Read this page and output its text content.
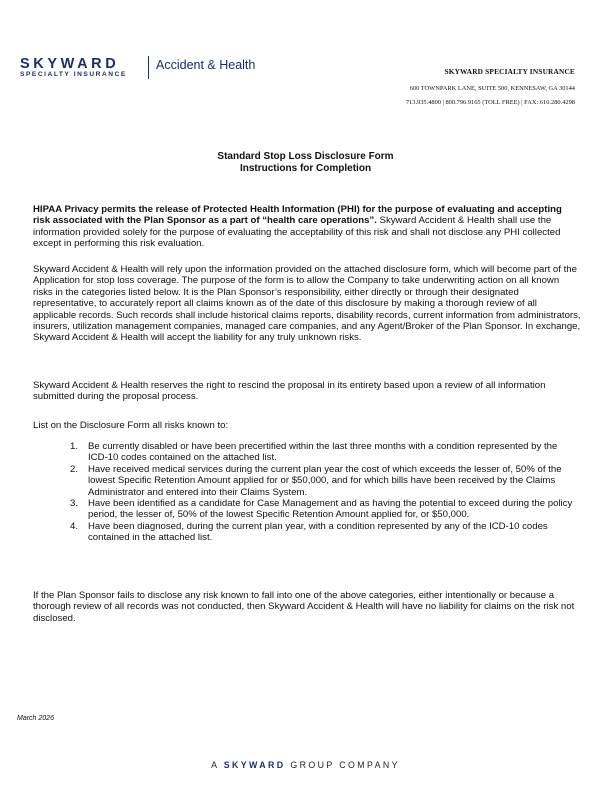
SKYWARD
SPECIALTY INSURANCE
Accident & Health	SKYWARD SPECIALTY INSURANCE
600 TOWNPARK LANE, SUITE 500, KENNESAW, GA 30144
713.935.4800 | 800.796.9165 (TOLL FREE) | FAX: 610.280.4298
Standard Stop Loss Disclosure Form
Instructions for Completion
HIPAA Privacy permits the release of Protected Health Information (PHI) for the purpose of evaluating and accepting risk associated with the Plan Sponsor as a part of “health care operations”. Skyward Accident & Health shall use the information provided solely for the purpose of evaluating the acceptability of this risk and shall not disclose any PHI collected except in performing this risk evaluation.
Skyward Accident & Health will rely upon the information provided on the attached disclosure form, which will become part of the Application for stop loss coverage. The purpose of the form is to allow the Company to take underwriting action on all known risks in the categories listed below. It is the Plan Sponsor’s responsibility, either directly or through their designated representative, to accurately report all claims known as of the date of this disclosure by making a thorough review of all applicable records. Such records shall include historical claims reports, disability records, current information from administrators, insurers, utilization management companies, managed care companies, and any Agent/Broker of the Plan Sponsor. In exchange, Skyward Accident & Health will accept the liability for any truly unknown risks.
Skyward Accident & Health reserves the right to rescind the proposal in its entirety based upon a review of all information submitted during the proposal process.
List on the Disclosure Form all risks known to:
1. Be currently disabled or have been precertified within the last three months with a condition represented by the ICD-10 codes contained on the attached list.
2. Have received medical services during the current plan year the cost of which exceeds the lesser of, 50% of the lowest Specific Retention Amount applied for or $50,000, and for which bills have been received by the Claims Administrator and entered into their Claims System.
3. Have been identified as a candidate for Case Management and as having the potential to exceed during the policy period, the lesser of, 50% of the lowest Specific Retention Amount applied for, or $50,000.
4. Have been diagnosed, during the current plan year, with a condition represented by any of the ICD-10 codes contained in the attached list.
If the Plan Sponsor fails to disclose any risk known to fall into one of the above categories, either intentionally or because a thorough review of all records was not conducted, then Skyward Accident & Health will have no liability for claims on the risk not disclosed.
March 2026
A SKYWARD GROUP COMPANY
